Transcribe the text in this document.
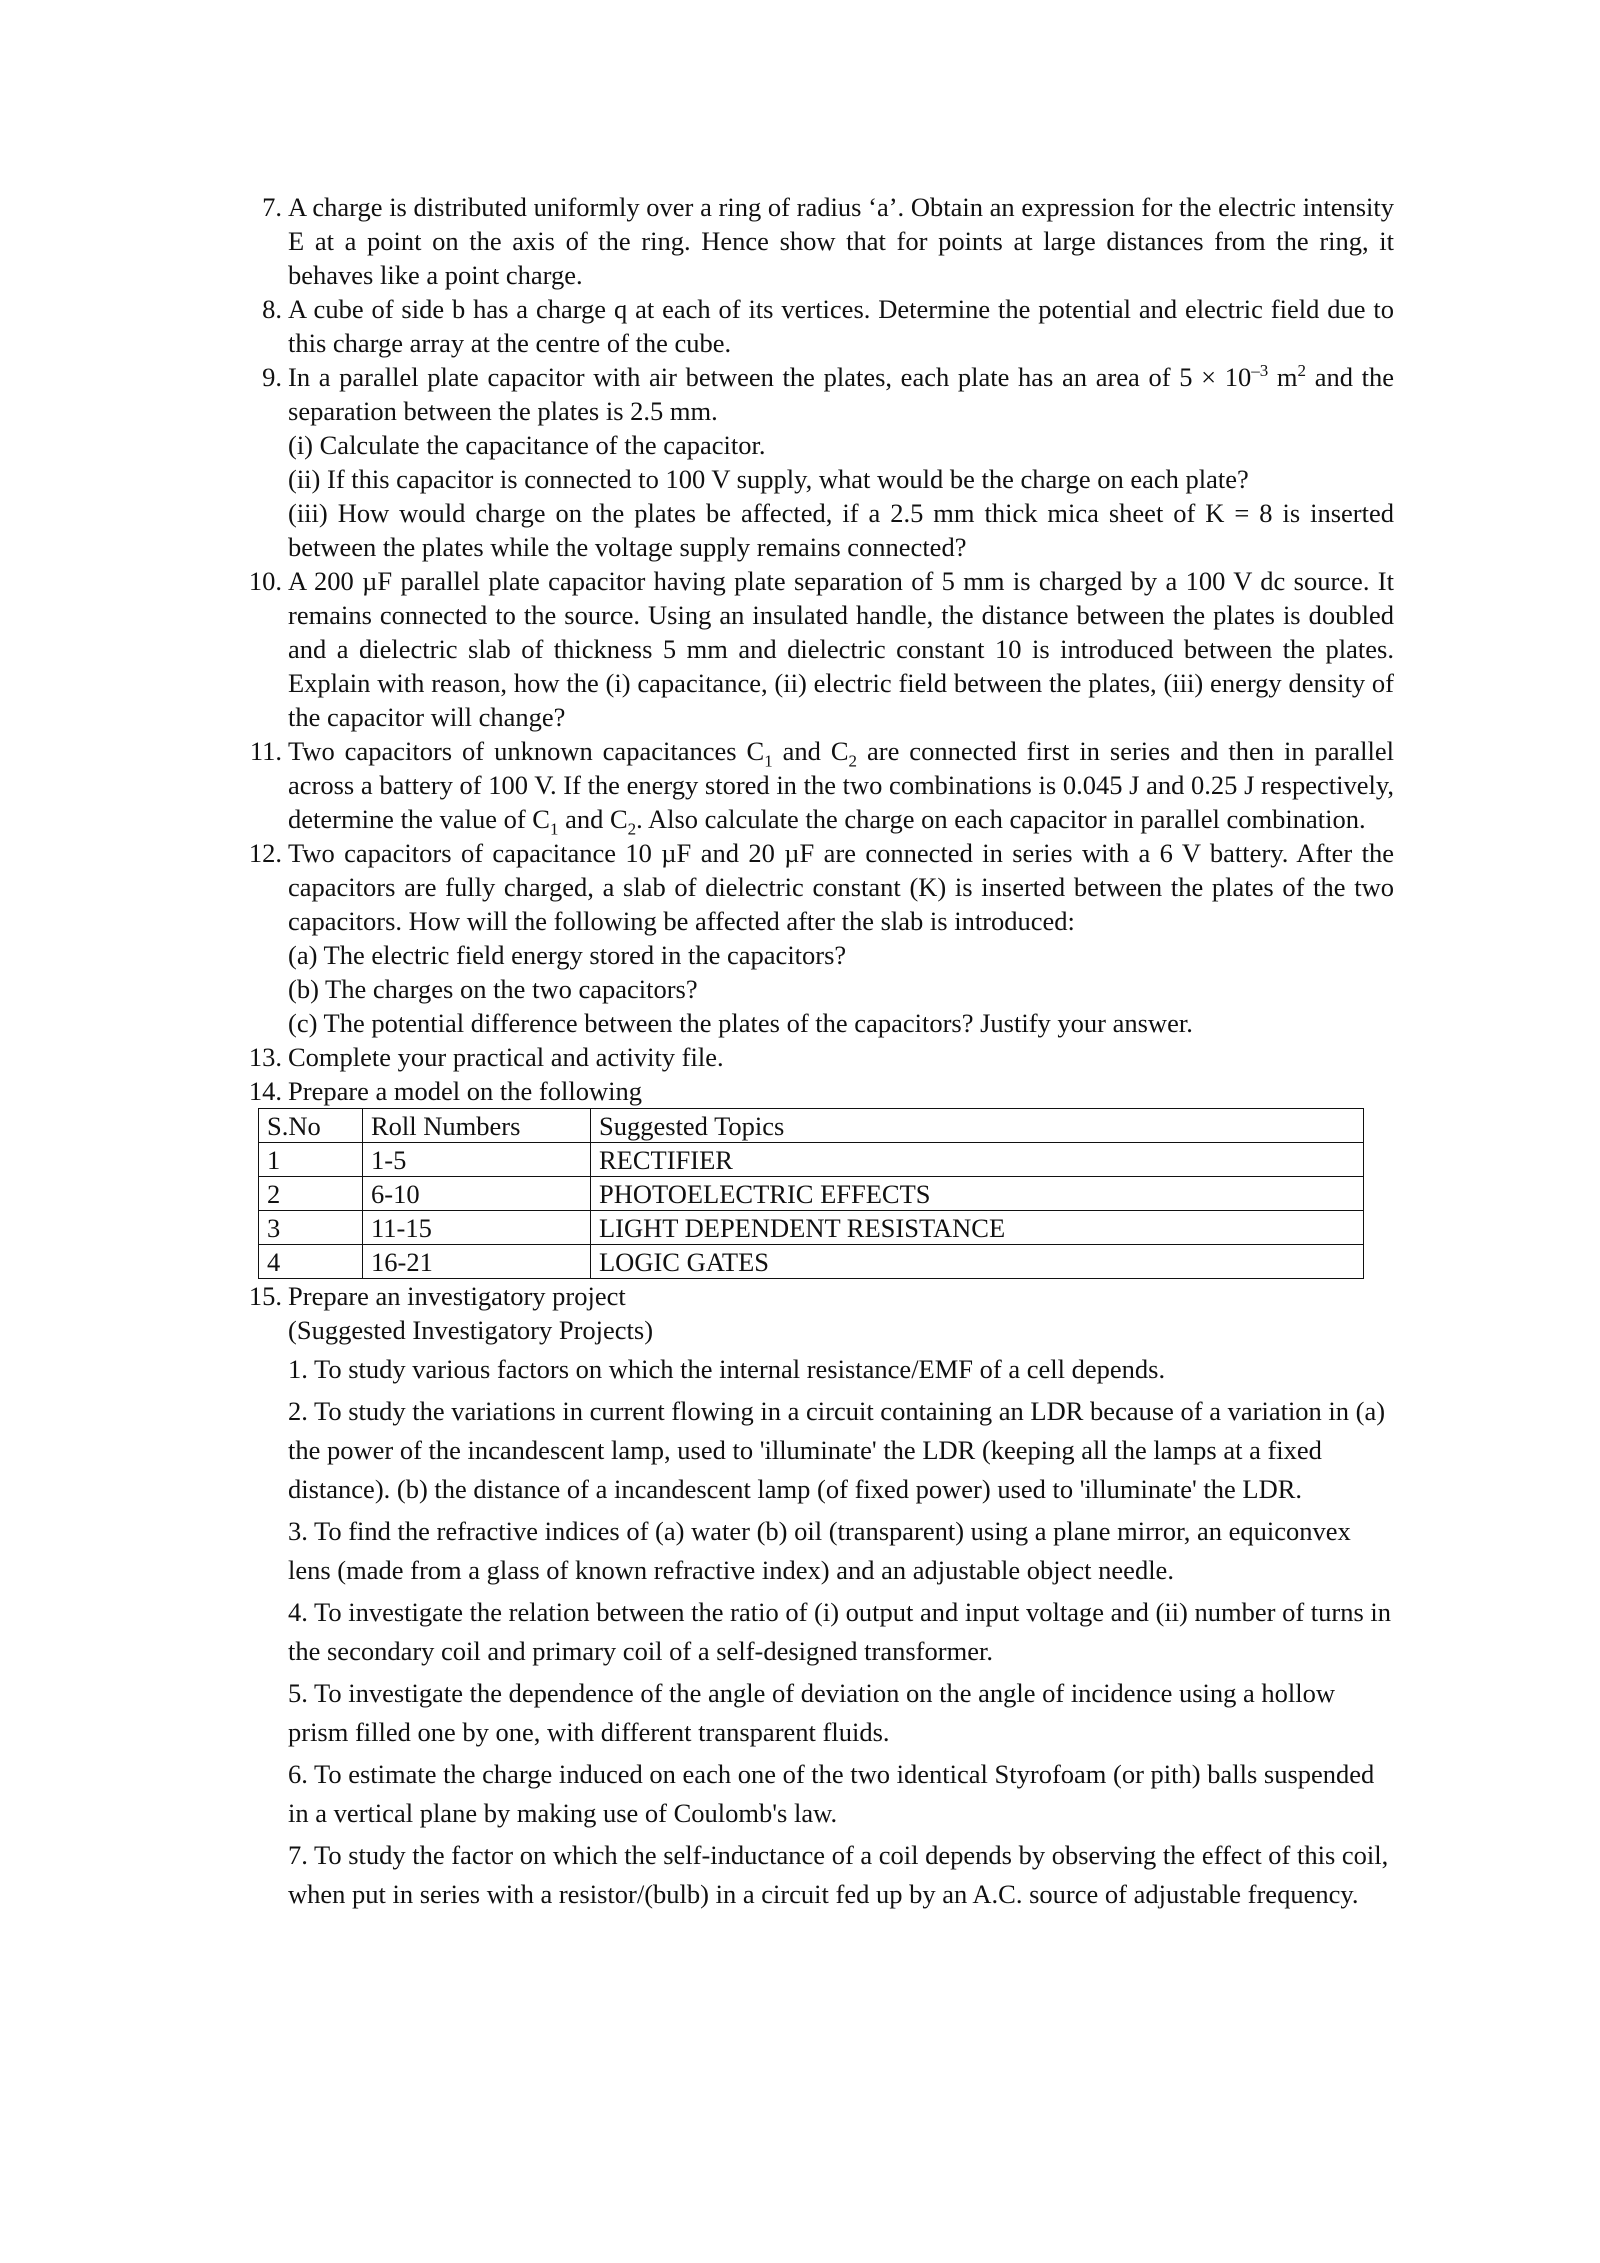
7. A charge is distributed uniformly over a ring of radius ‘a’. Obtain an expression for the electric intensity E at a point on the axis of the ring. Hence show that for points at large distances from the ring, it behaves like a point charge.

8. A cube of side b has a charge q at each of its vertices. Determine the potential and electric field due to this charge array at the centre of the cube.

9. In a parallel plate capacitor with air between the plates, each plate has an area of $5 \times 10^{-3}$ $m^2$ and the separation between the plates is 2.5 mm.

(i) Calculate the capacitance of the capacitor.

(ii) If this capacitor is connected to 100 V supply, what would be the charge on each plate?

(iii) How would charge on the plates be affected, if a 2.5 mm thick mica sheet of K = 8 is inserted between the plates while the voltage supply remains connected?

10. A 200 µF parallel plate capacitor having plate separation of 5 mm is charged by a 100 V dc source. It remains connected to the source. Using an insulated handle, the distance between the plates is doubled and a dielectric slab of thickness 5 mm and dielectric constant 10 is introduced between the plates. Explain with reason, how the (i) capacitance, (ii) electric field between the plates, (iii) energy density of the capacitor will change?

11. Two capacitors of unknown capacitances $C_1$ and $C_2$ are connected first in series and then in parallel across a battery of 100 V. If the energy stored in the two combinations is 0.045 J and 0.25 J respectively, determine the value of $C_1$ and $C_2$. Also calculate the charge on each capacitor in parallel combination.

12. Two capacitors of capacitance 10 µF and 20 µF are connected in series with a 6 V battery. After the capacitors are fully charged, a slab of dielectric constant (K) is inserted between the plates of the two capacitors. How will the following be affected after the slab is introduced:

(a) The electric field energy stored in the capacitors?

(b) The charges on the two capacitors?

(c) The potential difference between the plates of the capacitors? Justify your answer.

13. Complete your practical and activity file.

14. Prepare a model on the following

S.No	Roll Numbers	Suggested Topics
1	1-5	RECTIFIER
2	6-10	PHOTOELECTRIC EFFECTS
3	11-15	LIGHT DEPENDENT RESISTANCE
4	16-21	LOGIC GATES
15. Prepare an investigatory project

(Suggested Investigatory Projects)

1. To study various factors on which the internal resistance/EMF of a cell depends.

2. To study the variations in current flowing in a circuit containing an LDR because of a variation in (a) the power of the incandescent lamp, used to 'illuminate' the LDR (keeping all the lamps at a fixed distance). (b) the distance of a incandescent lamp (of fixed power) used to 'illuminate' the LDR.

3. To find the refractive indices of (a) water (b) oil (transparent) using a plane mirror, an equiconvex lens (made from a glass of known refractive index) and an adjustable object needle.

4. To investigate the relation between the ratio of (i) output and input voltage and (ii) number of turns in the secondary coil and primary coil of a self-designed transformer.

5. To investigate the dependence of the angle of deviation on the angle of incidence using a hollow prism filled one by one, with different transparent fluids.

6. To estimate the charge induced on each one of the two identical Styrofoam (or pith) balls suspended in a vertical plane by making use of Coulomb's law.

7. To study the factor on which the self-inductance of a coil depends by observing the effect of this coil, when put in series with a resistor/(bulb) in a circuit fed up by an A.C. source of adjustable frequency.
